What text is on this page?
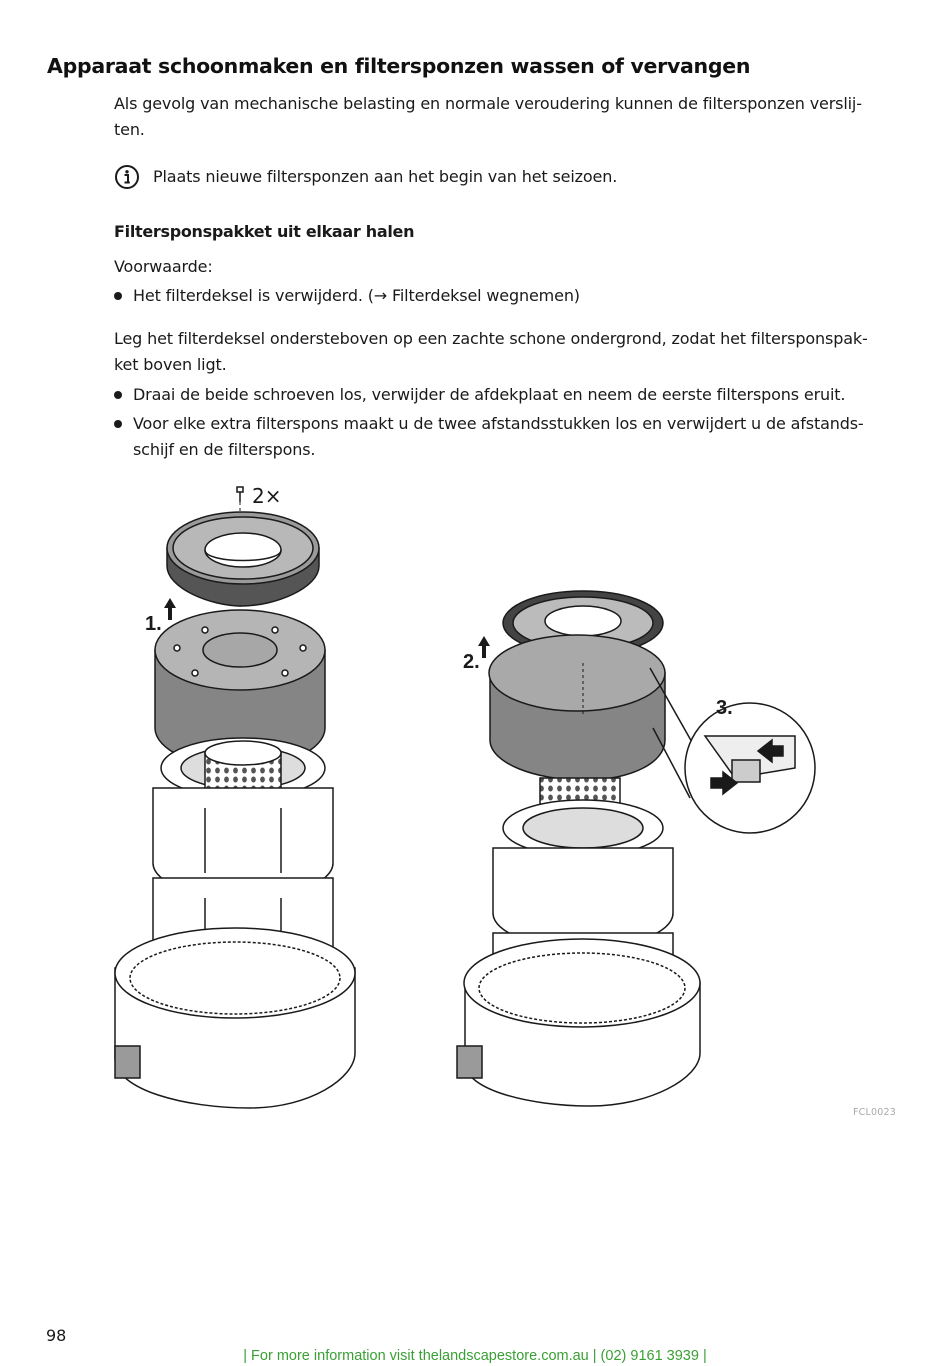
Apparaat schoonmaken en filtersponzen wassen of vervangen

Als gevolg van mechanische belasting en normale veroudering kunnen de filtersponzen verslij- ten.

Plaats nieuwe filtersponzen aan het begin van het seizoen.
Filtersponspakket uit elkaar halen
Voorwaarde:
Het filterdeksel is verwijderd. (→ Filterdeksel wegnemen)

Leg het filterdeksel ondersteboven op een zachte schone ondergrond, zodat het filtersponspak- ket boven ligt.

Draai de beide schroeven los, verwijder de afdekplaat en neem de eerste filterspons eruit.
Voor elke extra filterspons maakt u de twee afstandsstukken los en verwijdert u de afstands- schijf en de filterspons.
2×
1.
2.
3.
FCL0023
98
| For more information visit thelandscapestore.com.au | (02) 9161 3939 |
